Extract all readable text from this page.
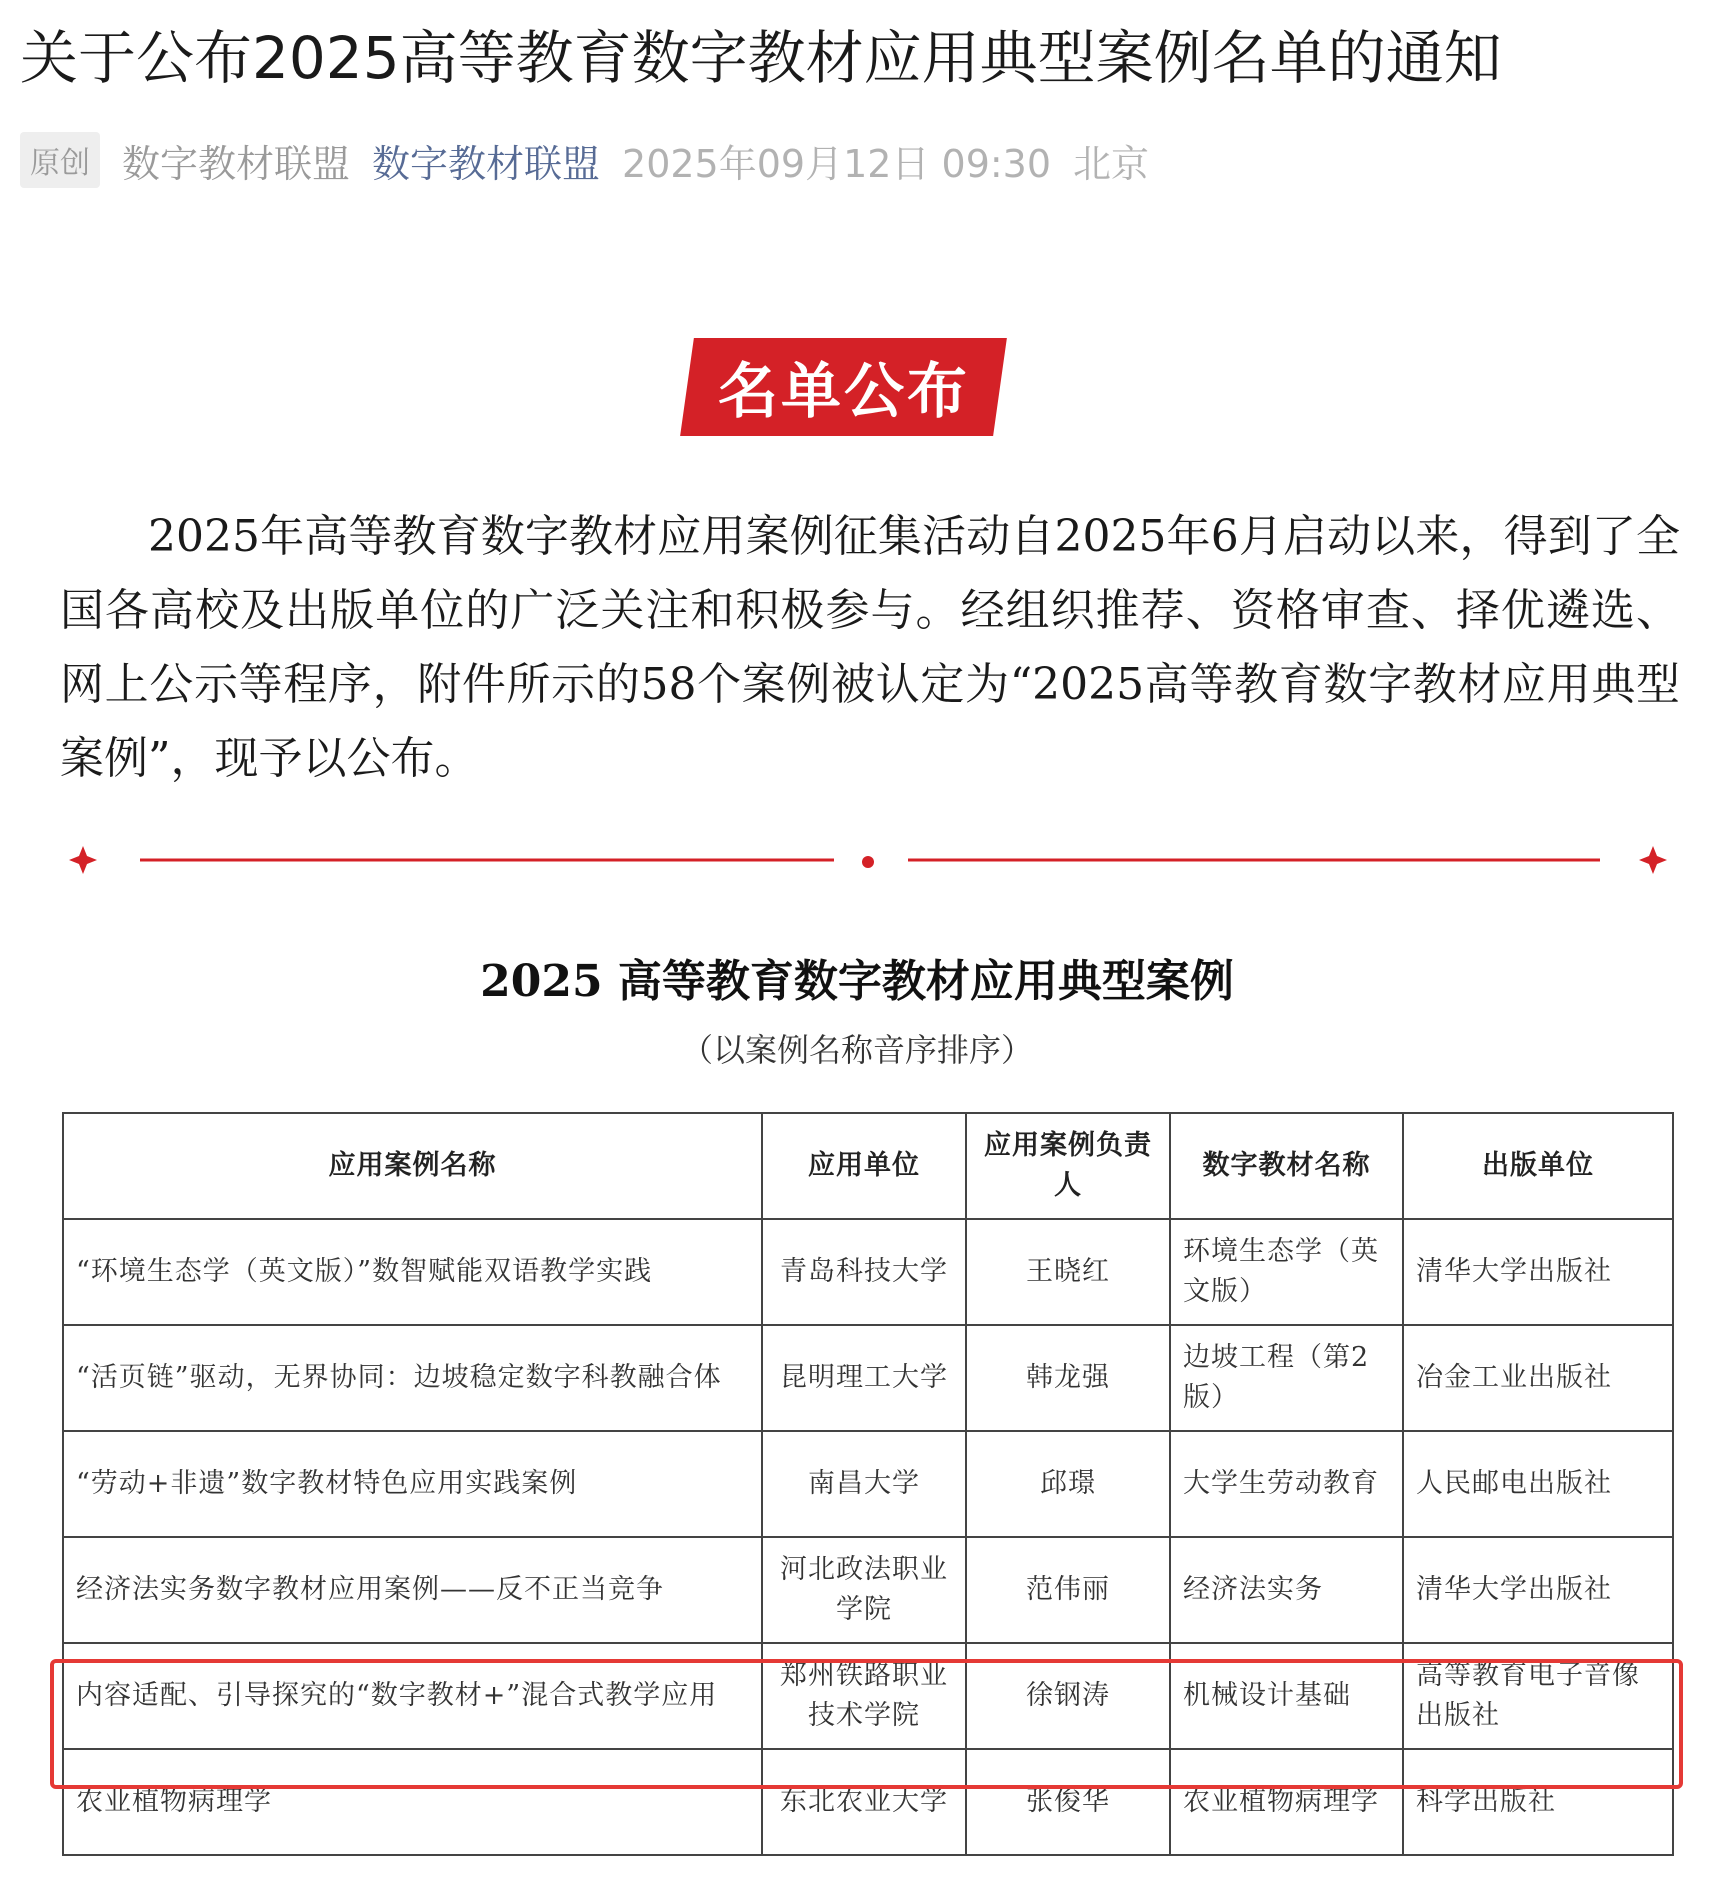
关于公布2025高等教育数字教材应用典型案例名单的通知
原创 数字教材联盟 数字教材联盟 2025年09月12日 09:30 北京
名单公布

2025年高等教育数字教材应用案例征集活动自2025年6月启动以来，得到了全国各高校及出版单位的广泛关注和积极参与。经组织推荐、资格审查、择优遴选、网上公示等程序，附件所示的58个案例被认定为“2025高等教育数字教材应用典型案例”，现予以公布。

2025 高等教育数字教材应用典型案例
（以案例名称音序排序）
应用案例名称	应用单位	应用案例负责人	数字教材名称	出版单位
“环境生态学（英文版）”数智赋能双语教学实践	青岛科技大学	王晓红	环境生态学（英文版）	清华大学出版社
“活页链”驱动，无界协同：边坡稳定数字科教融合体	昆明理工大学	韩龙强	边坡工程（第2版）	冶金工业出版社
“劳动+非遗”数字教材特色应用实践案例	南昌大学	邱璟	大学生劳动教育	人民邮电出版社
经济法实务数字教材应用案例——反不正当竞争	河北政法职业学院	范伟丽	经济法实务	清华大学出版社
内容适配、引导探究的“数字教材+”混合式教学应用	郑州铁路职业技术学院	徐钢涛	机械设计基础	高等教育电子音像出版社
农业植物病理学	东北农业大学	张俊华	农业植物病理学	科学出版社
